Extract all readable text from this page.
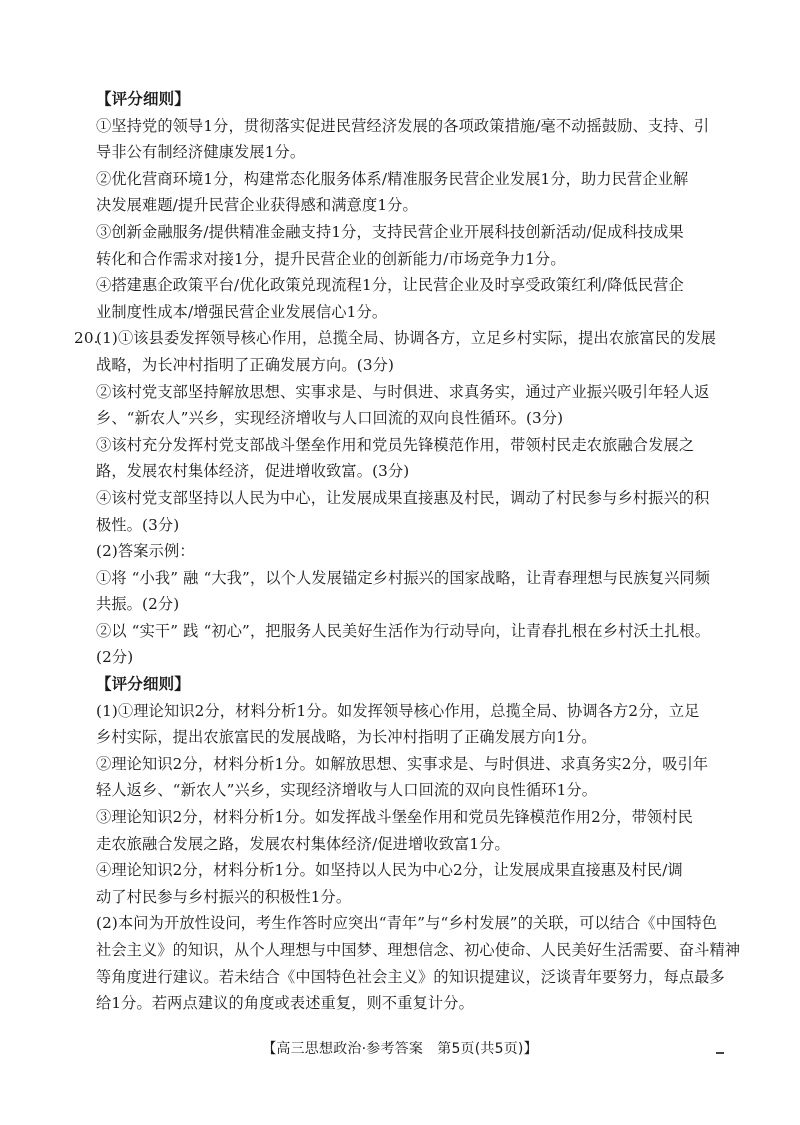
【评分细则】
①坚持党的领导1分，贯彻落实促进民营经济发展的各项政策措施/毫不动摇鼓励、支持、引
导非公有制经济健康发展1分。
②优化营商环境1分，构建常态化服务体系/精准服务民营企业发展1分，助力民营企业解
决发展难题/提升民营企业获得感和满意度1分。
③创新金融服务/提供精准金融支持1分，支持民营企业开展科技创新活动/促成科技成果
转化和合作需求对接1分，提升民营企业的创新能力/市场竞争力1分。
④搭建惠企政策平台/优化政策兑现流程1分，让民营企业及时享受政策红利/降低民营企
业制度性成本/增强民营企业发展信心1分。
20.
(1)①该县委发挥领导核心作用，总揽全局、协调各方，立足乡村实际，提出农旅富民的发展
战略，为长冲村指明了正确发展方向。(3分)
②该村党支部坚持解放思想、实事求是、与时俱进、求真务实，通过产业振兴吸引年轻人返
乡、“新农人”兴乡，实现经济增收与人口回流的双向良性循环。(3分)
③该村充分发挥村党支部战斗堡垒作用和党员先锋模范作用，带领村民走农旅融合发展之
路，发展农村集体经济，促进增收致富。(3分)
④该村党支部坚持以人民为中心，让发展成果直接惠及村民，调动了村民参与乡村振兴的积
极性。(3分)
(2)答案示例：
①将 “小我” 融 “大我”，以个人发展锚定乡村振兴的国家战略，让青春理想与民族复兴同频
共振。(2分)
②以 “实干” 践 “初心”，把服务人民美好生活作为行动导向，让青春扎根在乡村沃土扎根。
(2分)
【评分细则】
(1)①理论知识2分，材料分析1分。如发挥领导核心作用，总揽全局、协调各方2分，立足
乡村实际，提出农旅富民的发展战略，为长冲村指明了正确发展方向1分。
②理论知识2分，材料分析1分。如解放思想、实事求是、与时俱进、求真务实2分，吸引年
轻人返乡、“新农人”兴乡，实现经济增收与人口回流的双向良性循环1分。
③理论知识2分，材料分析1分。如发挥战斗堡垒作用和党员先锋模范作用2分，带领村民
走农旅融合发展之路，发展农村集体经济/促进增收致富1分。
④理论知识2分，材料分析1分。如坚持以人民为中心2分，让发展成果直接惠及村民/调
动了村民参与乡村振兴的积极性1分。
(2)本问为开放性设问，考生作答时应突出“青年”与“乡村发展”的关联，可以结合《中国特色
社会主义》的知识，从个人理想与中国梦、理想信念、初心使命、人民美好生活需要、奋斗精神
等角度进行建议。若未结合《中国特色社会主义》的知识提建议，泛谈青年要努力，每点最多
给1分。若两点建议的角度或表述重复，则不重复计分。
【高三思想政治·参考答案　第5页(共5页)】
